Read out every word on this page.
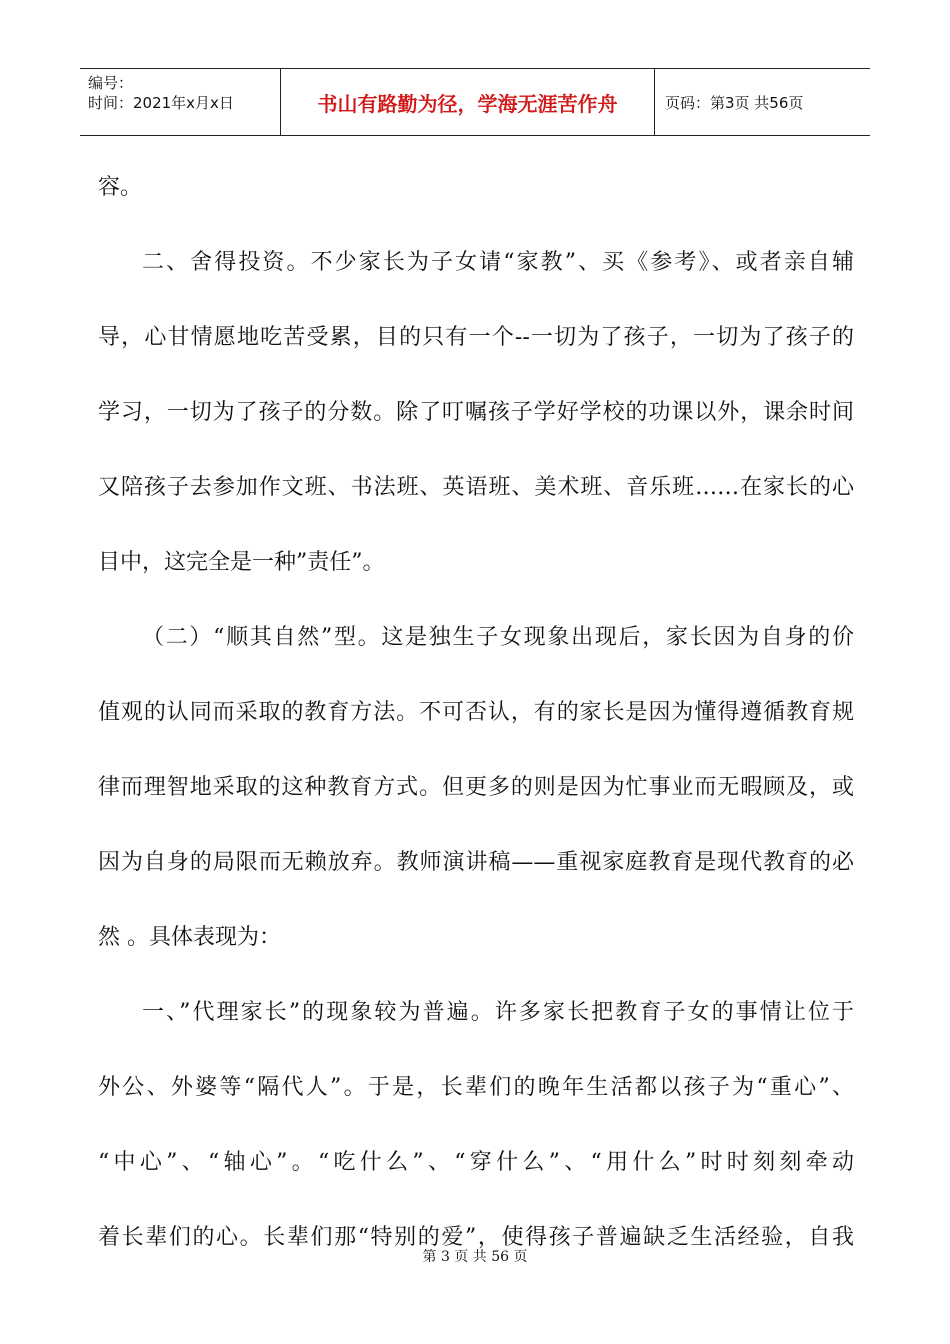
编号：
时间：2021年x月x日	书山有路勤为径，学海无涯苦作舟	页码：第3页 共56页
容。
二、舍得投资。不少家长为子女请“家教”、买《参考》、或者亲自辅
导，心甘情愿地吃苦受累，目的只有一个--一切为了孩子，一切为了孩子的
学习，一切为了孩子的分数。除了叮嘱孩子学好学校的功课以外，课余时间
又陪孩子去参加作文班、书法班、英语班、美术班、音乐班……在家长的心
目中，这完全是一种”责任”。
（二）“顺其自然”型。这是独生子女现象出现后，家长因为自身的价
值观的认同而采取的教育方法。不可否认，有的家长是因为懂得遵循教育规
律而理智地采取的这种教育方式。但更多的则是因为忙事业而无暇顾及，或
因为自身的局限而无赖放弃。教师演讲稿——重视家庭教育是现代教育的必
然 。具体表现为：
一、”代理家长”的现象较为普遍。许多家长把教育子女的事情让位于
外公、外婆等“隔代人”。于是，长辈们的晚年生活都以孩子为“重心”、
“中心”、“轴心”。“吃什么”、“穿什么”、“用什么”时时刻刻牵动
着长辈们的心。长辈们那“特别的爱”，使得孩子普遍缺乏生活经验，自我
第 3 页 共 56 页
